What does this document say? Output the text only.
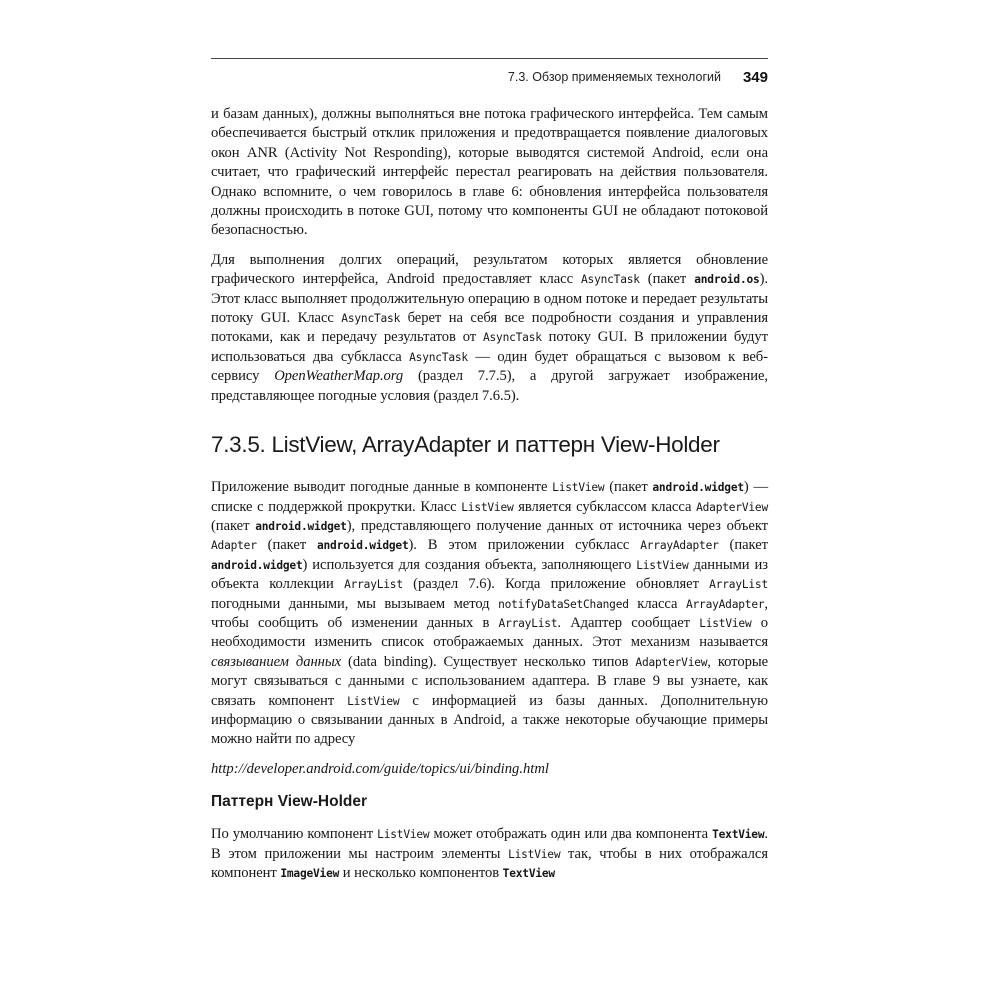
7.3. Обзор применяемых технологий 349

и базам данных), должны выполняться вне потока графического интерфейса. Тем самым обеспечивается быстрый отклик приложения и предотвращается появление диалоговых окон ANR (Activity Not Responding), которые выводятся системой Android, если она считает, что графический интерфейс перестал реагировать на действия пользователя. Однако вспомните, о чем говорилось в главе 6: обновления интерфейса пользователя должны происходить в потоке GUI, потому что компоненты GUI не обладают потоковой безопасностью.

Для выполнения долгих операций, результатом которых является обновление графического интерфейса, Android предоставляет класс AsyncTask (пакет android.os). Этот класс выполняет продолжительную операцию в одном потоке и передает результаты потоку GUI. Класс AsyncTask берет на себя все подробности создания и управления потоками, как и передачу результатов от AsyncTask потоку GUI. В приложении будут использоваться два субкласса AsyncTask — один будет обращаться с вызовом к веб-сервису OpenWeatherMap.org (раздел 7.7.5), а другой загружает изображение, представляющее погодные условия (раздел 7.6.5).

7.3.5. ListView, ArrayAdapter и паттерн View-Holder

Приложение выводит погодные данные в компоненте ListView (пакет android.widget) — списке с поддержкой прокрутки. Класс ListView является субклассом класса AdapterView (пакет android.widget), представляющего получение данных от источника через объект Adapter (пакет android.widget). В этом приложении субкласс ArrayAdapter (пакет android.widget) используется для создания объекта, заполняющего ListView данными из объекта коллекции ArrayList (раздел 7.6). Когда приложение обновляет ArrayList погодными данными, мы вызываем метод notifyDataSetChanged класса ArrayAdapter, чтобы сообщить об изменении данных в ArrayList. Адаптер сообщает ListView о необходимости изменить список отображаемых данных. Этот механизм называется связыванием данных (data binding). Существует несколько типов AdapterView, которые могут связываться с данными с использованием адаптера. В главе 9 вы узнаете, как связать компонент ListView с информацией из базы данных. Дополнительную информацию о связывании данных в Android, а также некоторые обучающие примеры можно найти по адресу

http://developer.android.com/guide/topics/ui/binding.html
Паттерн View-Holder

По умолчанию компонент ListView может отображать один или два компонента TextView. В этом приложении мы настроим элементы ListView так, чтобы в них отображался компонент ImageView и несколько компонентов TextView
